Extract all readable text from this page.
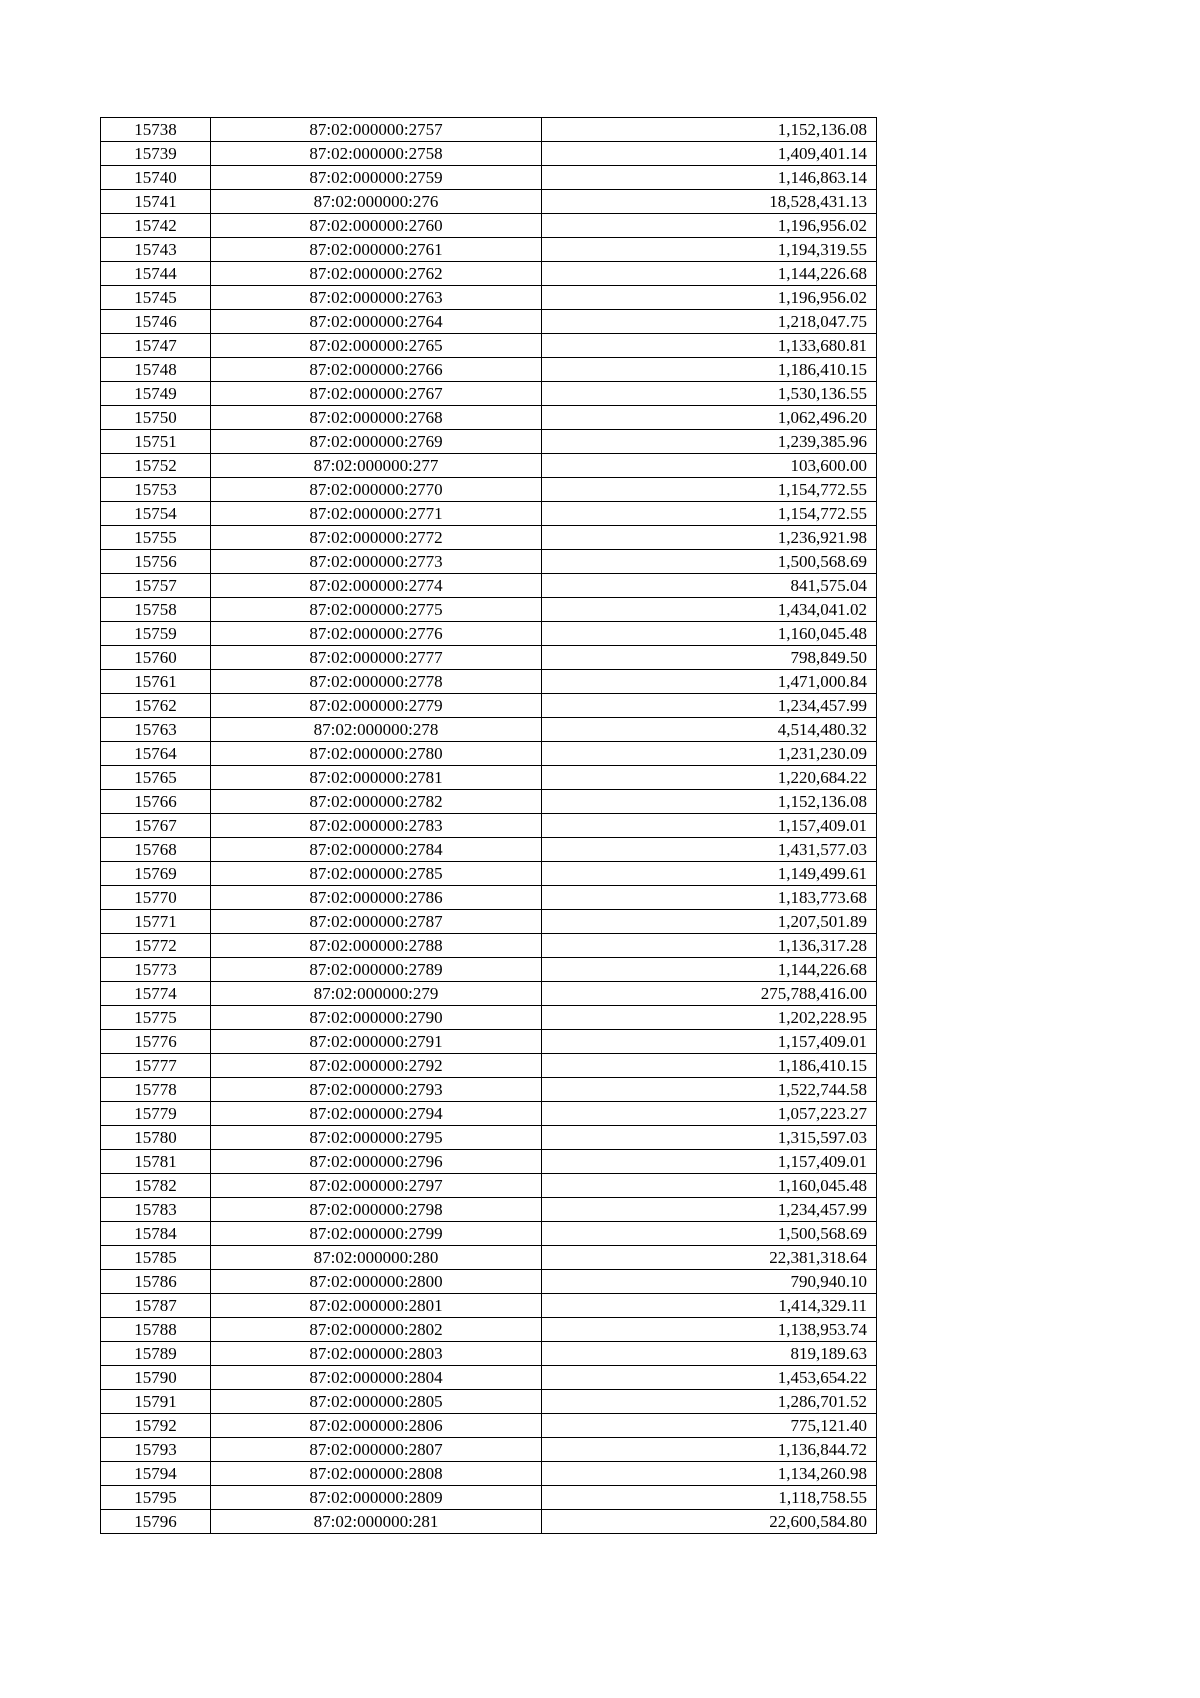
15738	87:02:000000:2757	1,152,136.08
15739	87:02:000000:2758	1,409,401.14
15740	87:02:000000:2759	1,146,863.14
15741	87:02:000000:276	18,528,431.13
15742	87:02:000000:2760	1,196,956.02
15743	87:02:000000:2761	1,194,319.55
15744	87:02:000000:2762	1,144,226.68
15745	87:02:000000:2763	1,196,956.02
15746	87:02:000000:2764	1,218,047.75
15747	87:02:000000:2765	1,133,680.81
15748	87:02:000000:2766	1,186,410.15
15749	87:02:000000:2767	1,530,136.55
15750	87:02:000000:2768	1,062,496.20
15751	87:02:000000:2769	1,239,385.96
15752	87:02:000000:277	103,600.00
15753	87:02:000000:2770	1,154,772.55
15754	87:02:000000:2771	1,154,772.55
15755	87:02:000000:2772	1,236,921.98
15756	87:02:000000:2773	1,500,568.69
15757	87:02:000000:2774	841,575.04
15758	87:02:000000:2775	1,434,041.02
15759	87:02:000000:2776	1,160,045.48
15760	87:02:000000:2777	798,849.50
15761	87:02:000000:2778	1,471,000.84
15762	87:02:000000:2779	1,234,457.99
15763	87:02:000000:278	4,514,480.32
15764	87:02:000000:2780	1,231,230.09
15765	87:02:000000:2781	1,220,684.22
15766	87:02:000000:2782	1,152,136.08
15767	87:02:000000:2783	1,157,409.01
15768	87:02:000000:2784	1,431,577.03
15769	87:02:000000:2785	1,149,499.61
15770	87:02:000000:2786	1,183,773.68
15771	87:02:000000:2787	1,207,501.89
15772	87:02:000000:2788	1,136,317.28
15773	87:02:000000:2789	1,144,226.68
15774	87:02:000000:279	275,788,416.00
15775	87:02:000000:2790	1,202,228.95
15776	87:02:000000:2791	1,157,409.01
15777	87:02:000000:2792	1,186,410.15
15778	87:02:000000:2793	1,522,744.58
15779	87:02:000000:2794	1,057,223.27
15780	87:02:000000:2795	1,315,597.03
15781	87:02:000000:2796	1,157,409.01
15782	87:02:000000:2797	1,160,045.48
15783	87:02:000000:2798	1,234,457.99
15784	87:02:000000:2799	1,500,568.69
15785	87:02:000000:280	22,381,318.64
15786	87:02:000000:2800	790,940.10
15787	87:02:000000:2801	1,414,329.11
15788	87:02:000000:2802	1,138,953.74
15789	87:02:000000:2803	819,189.63
15790	87:02:000000:2804	1,453,654.22
15791	87:02:000000:2805	1,286,701.52
15792	87:02:000000:2806	775,121.40
15793	87:02:000000:2807	1,136,844.72
15794	87:02:000000:2808	1,134,260.98
15795	87:02:000000:2809	1,118,758.55
15796	87:02:000000:281	22,600,584.80
